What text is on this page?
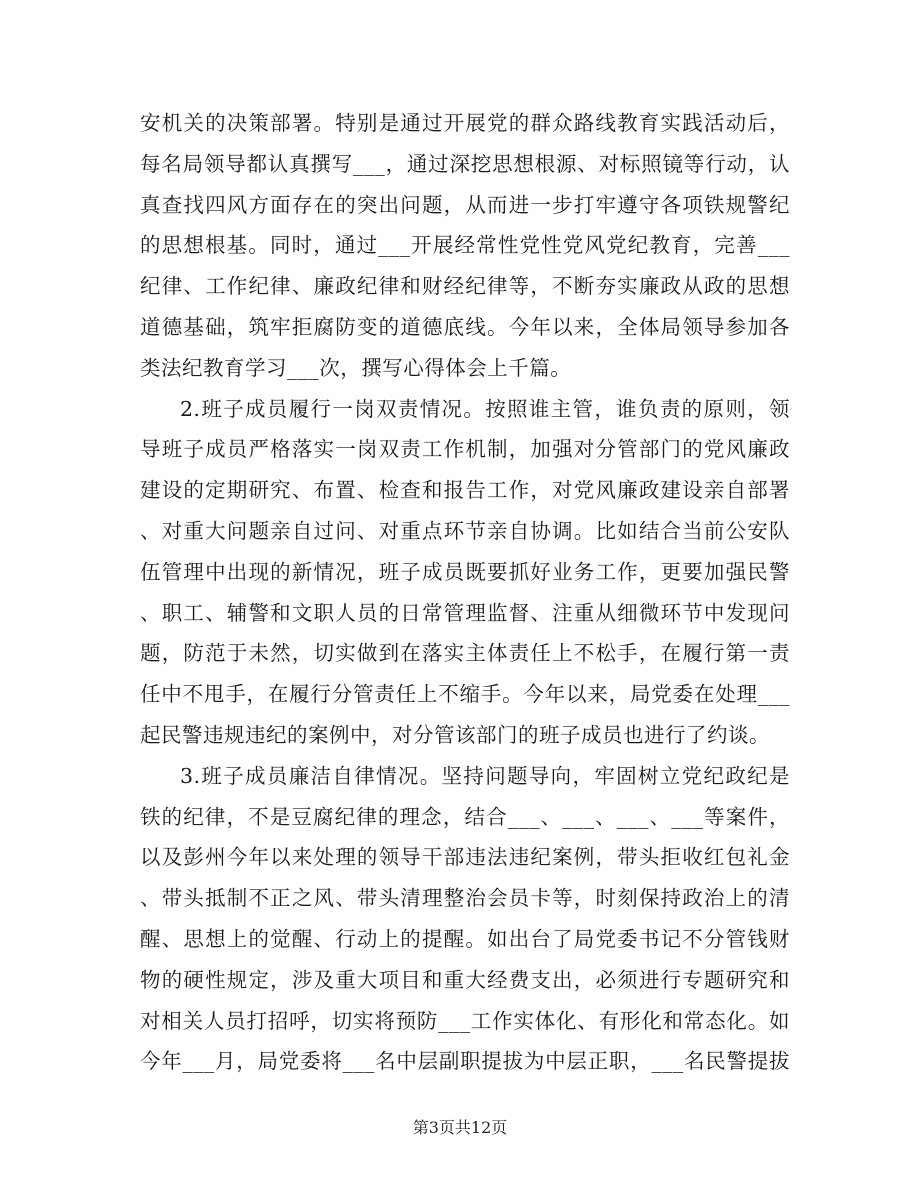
安机关的决策部署。特别是通过开展党的群众路线教育实践活动后，
每名局领导都认真撰写___，通过深挖思想根源、对标照镜等行动，认
真查找四风方面存在的突出问题，从而进一步打牢遵守各项铁规警纪
的思想根基。同时，通过___开展经常性党性党风党纪教育，完善___
纪律、工作纪律、廉政纪律和财经纪律等，不断夯实廉政从政的思想
道德基础，筑牢拒腐防变的道德底线。今年以来，全体局领导参加各
类法纪教育学习___次，撰写心得体会上千篇。
2.班子成员履行一岗双责情况。按照谁主管，谁负责的原则，领
导班子成员严格落实一岗双责工作机制，加强对分管部门的党风廉政
建设的定期研究、布置、检查和报告工作，对党风廉政建设亲自部署
、对重大问题亲自过问、对重点环节亲自协调。比如结合当前公安队
伍管理中出现的新情况，班子成员既要抓好业务工作，更要加强民警
、职工、辅警和文职人员的日常管理监督、注重从细微环节中发现问
题，防范于未然，切实做到在落实主体责任上不松手，在履行第一责
任中不甩手，在履行分管责任上不缩手。今年以来，局党委在处理___
起民警违规违纪的案例中，对分管该部门的班子成员也进行了约谈。
3.班子成员廉洁自律情况。坚持问题导向，牢固树立党纪政纪是
铁的纪律，不是豆腐纪律的理念，结合___、___、___、___等案件，
以及彭州今年以来处理的领导干部违法违纪案例，带头拒收红包礼金
、带头抵制不正之风、带头清理整治会员卡等，时刻保持政治上的清
醒、思想上的觉醒、行动上的提醒。如出台了局党委书记不分管钱财
物的硬性规定，涉及重大项目和重大经费支出，必须进行专题研究和
对相关人员打招呼，切实将预防___工作实体化、有形化和常态化。如
今年___月，局党委将___名中层副职提拔为中层正职，___名民警提拔
第3页共12页
